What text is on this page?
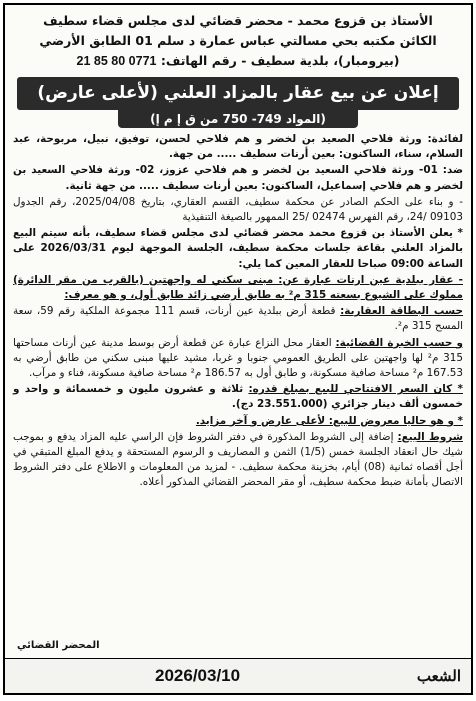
الأستاذ بن قزوع محمد - محضر قضائي لدى مجلس قضاء سطيف
الكائن مكتبه بحي مسالتي عباس عمارة د سلم 01 الطابق الأرضي
(بيرومبار)، بلدية سطيف - رقم الهاتف: 0771 80 85 21
إعلان عن بيع عقار بالمزاد العلني (لأعلى عارض)
(المواد 749- 750 من ق إ م إ)

لفائدة: ورثة فلاحي الصعيد بن لخضر و هم فلاحي لحسن، توفيق، نبيل، مربوحة، عبد السلام، سناء، الساكنون: بعين أرنات سطيف ..... من جهة.

ضد: 01- ورثة فلاحي السعيد بن لخضر و هم فلاحي عزوز، 02- ورثة فلاحي السعيد بن لخضر و هم فلاحي إسماعيل، الساكنون: بعين أرنات سطيف ..... من جهة ثانية.

- و بناء على الحكم الصادر عن محكمة سطيف، القسم العقاري، بتاريخ 2025/04/08، رقم الجدول 09103 /24، رقم الفهرس 02474 /25 الممهور بالصيغة التنفيذية

* يعلن الأستاذ بن قزوع محمد محضر قضائي لدى مجلس قضاء سطيف، بأنه سيتم البيع بالمزاد العلني بقاعة جلسات محكمة سطيف، الجلسة الموجهة ليوم 2026/03/31 على الساعة 09:00 صباحا للعقار المعين كما يلي:

- عقار ببلدية عين ارنات عبارة عن: مبنى سكني له واجهتين (بالقرب من مقر الدائرة) مملوك على الشيوع بسعته 315 م² به طابق أرضي زائد طابق أول، و هو معرف:

حسب البطاقة العقارية: قطعة أرض ببلدية عين أرنات، قسم 111 مجموعة الملكية رقم 59، سعة المسح 315 م².

و حسب الخبرة القضائية: العقار محل النزاع عبارة عن قطعة أرض بوسط مدينة عين أرنات مساحتها 315 م² لها واجهتين على الطريق العمومي جنوبا و غربا، مشيد عليها مبنى سكني من طابق أرضي به 167.53 م² مساحة صافية مسكونة، و طابق أول به 186.57 م² مساحة صافية مسكونة، فناء و مرآب.

* كان السعر الافتتاحي للبيع بمبلغ قدره: ثلاثة و عشرون مليون و خمسمائة و واحد و خمسون ألف دينار جزائري (23.551.000 دج).

* و هو حاليا معروض للبيع: لأعلى عارض و آخر مزايد.

شروط البيع: إضافة إلى الشروط المذكورة في دفتر الشروط فإن الراسي عليه المزاد يدفع و بموجب شيك حال انعقاد الجلسة خمس (1/5) الثمن و المصاريف و الرسوم المستحقة و يدفع المبلغ المتبقي في أجل أقصاه ثمانية (08) أيام، بخزينة محكمة سطيف. - لمزيد من المعلومات و الاطلاع على دفتر الشروط الاتصال بأمانة ضبط محكمة سطيف، أو مقر المحضر القضائي المذكور أعلاه.

المحضر القضائي
الشعب
2026/03/10
